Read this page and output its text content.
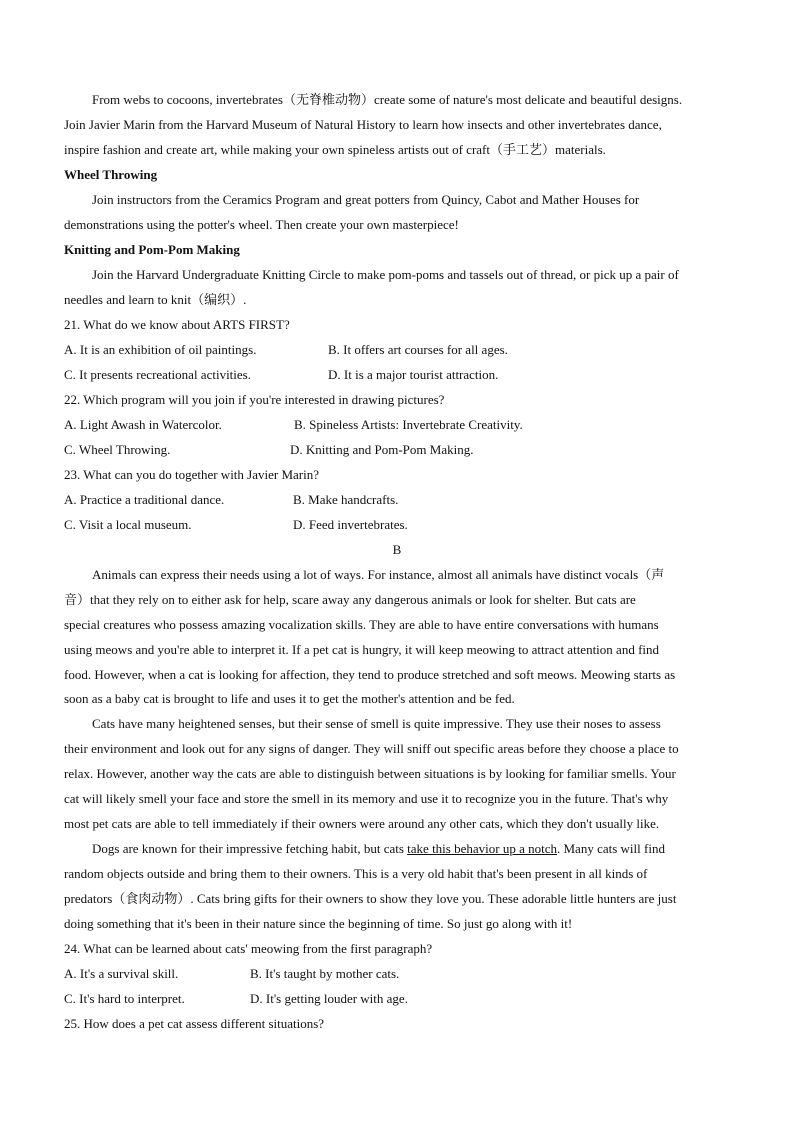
From webs to cocoons, invertebrates（无脊椎动物）create some of nature's most delicate and beautiful designs.
Join Javier Marin from the Harvard Museum of Natural History to learn how insects and other invertebrates dance,
inspire fashion and create art, while making your own spineless artists out of craft（手工艺）materials.
Wheel Throwing
Join instructors from the Ceramics Program and great potters from Quincy, Cabot and Mather Houses for
demonstrations using the potter's wheel. Then create your own masterpiece!
Knitting and Pom-Pom Making
Join the Harvard Undergraduate Knitting Circle to make pom-poms and tassels out of thread, or pick up a pair of
needles and learn to knit（编织）.
21. What do we know about ARTS FIRST?
A. It is an exhibition of oil paintings.	B. It offers art courses for all ages.
C. It presents recreational activities.	D. It is a major tourist attraction.
22. Which program will you join if you're interested in drawing pictures?
A. Light Awash in Watercolor.	B. Spineless Artists: Invertebrate Creativity.
C. Wheel Throwing.	D. Knitting and Pom-Pom Making.
23. What can you do together with Javier Marin?
A. Practice a traditional dance.	B. Make handcrafts.
C. Visit a local museum.	D. Feed invertebrates.
B
Animals can express their needs using a lot of ways. For instance, almost all animals have distinct vocals（声
音）that they rely on to either ask for help, scare away any dangerous animals or look for shelter. But cats are
special creatures who possess amazing vocalization skills. They are able to have entire conversations with humans
using meows and you're able to interpret it. If a pet cat is hungry, it will keep meowing to attract attention and find
food. However, when a cat is looking for affection, they tend to produce stretched and soft meows. Meowing starts as
soon as a baby cat is brought to life and uses it to get the mother's attention and be fed.
Cats have many heightened senses, but their sense of smell is quite impressive. They use their noses to assess
their environment and look out for any signs of danger. They will sniff out specific areas before they choose a place to
relax. However, another way the cats are able to distinguish between situations is by looking for familiar smells. Your
cat will likely smell your face and store the smell in its memory and use it to recognize you in the future. That's why
most pet cats are able to tell immediately if their owners were around any other cats, which they don't usually like.
Dogs are known for their impressive fetching habit, but cats take this behavior up a notch. Many cats will find
random objects outside and bring them to their owners. This is a very old habit that's been present in all kinds of
predators（食肉动物）. Cats bring gifts for their owners to show they love you. These adorable little hunters are just
doing something that it's been in their nature since the beginning of time. So just go along with it!
24. What can be learned about cats' meowing from the first paragraph?
A. It's a survival skill.	B. It's taught by mother cats.
C. It's hard to interpret.	D. It's getting louder with age.
25. How does a pet cat assess different situations?
